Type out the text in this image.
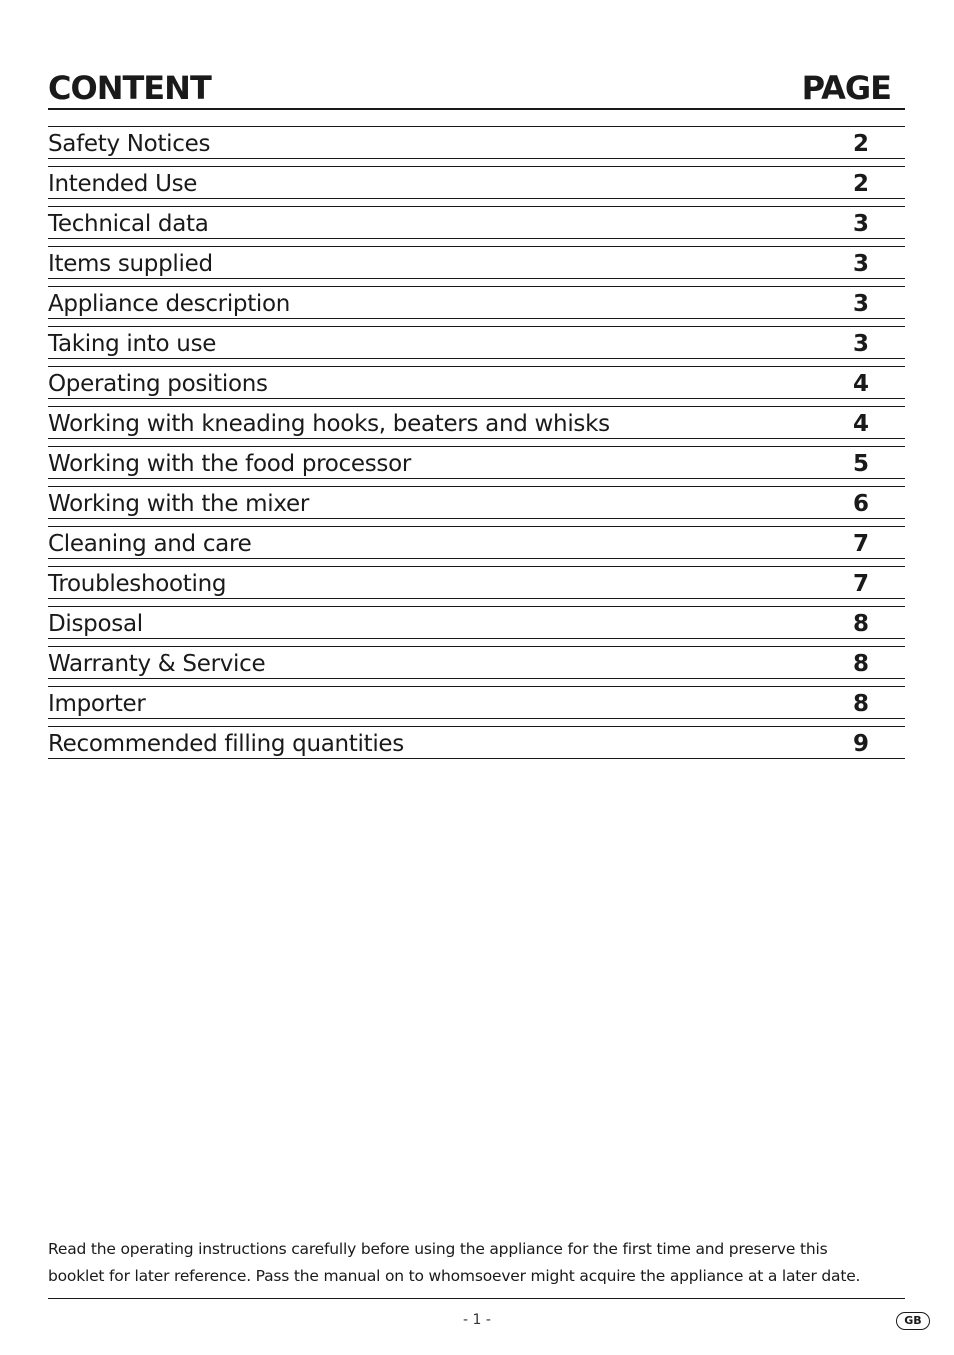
CONTENT	PAGE
Safety Notices	2
Intended Use	2
Technical data	3
Items supplied	3
Appliance description	3
Taking into use	3
Operating positions	4
Working with kneading hooks, beaters and whisks	4
Working with the food processor	5
Working with the mixer	6
Cleaning and care	7
Troubleshooting	7
Disposal	8
Warranty & Service	8
Importer	8
Recommended filling quantities	9
Read the operating instructions carefully before using the appliance for the first time and preserve this
booklet for later reference. Pass the manual on to whomsoever might acquire the appliance at a later date.
- 1 -	GB
